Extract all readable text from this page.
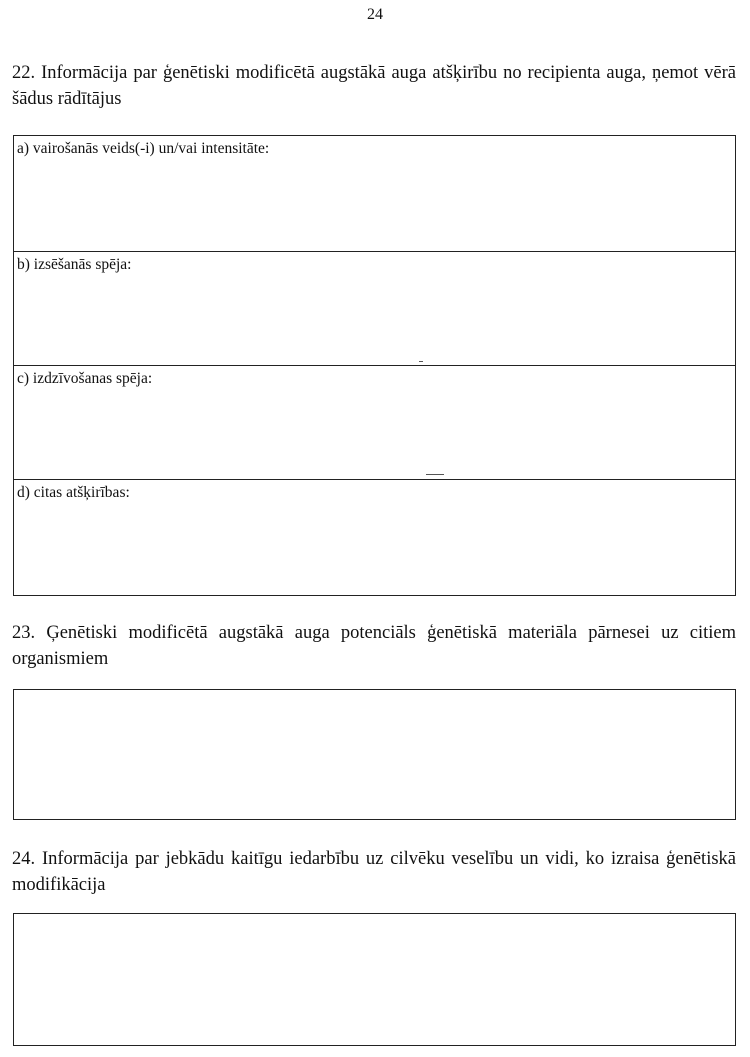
24
22. Informācija par ģenētiski modificētā augstākā auga atšķirību no recipienta auga, ņemot vērā šādus rādītājus
a) vairošanās veids(-i) un/vai intensitāte:
b) izsēšanās spēja:
c) izdzīvošanas spēja:
d) citas atšķirības:
23. Ģenētiski modificētā augstākā auga potenciāls ģenētiskā materiāla pārnesei uz citiem organismiem
24. Informācija par jebkādu kaitīgu iedarbību uz cilvēku veselību un vidi, ko izraisa ģenētiskā modifikācija
